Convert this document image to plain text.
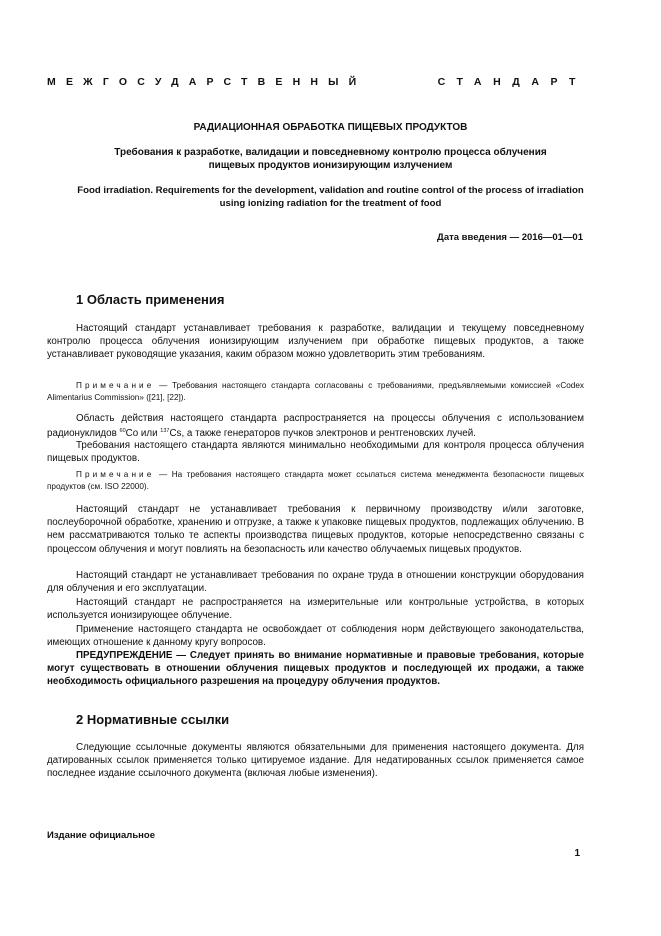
МЕЖГОСУДАРСТВЕННЫЙ	СТАНДАРТ
РАДИАЦИОННАЯ ОБРАБОТКА ПИЩЕВЫХ ПРОДУКТОВ
Требования к разработке, валидации и повседневному контролю процесса облучения
пищевых продуктов ионизирующим излучением
Food irradiation. Requirements for the development, validation and routine control of the process of irradiation
using ionizing radiation for the treatment of food
Дата введения — 2016—01—01
1 Область применения
Настоящий стандарт устанавливает требования к разработке, валидации и текущему повседневному контролю процесса облучения ионизирующим излучением при обработке пищевых продуктов, а также устанавливает руководящие указания, каким образом можно удовлетворить этим требованиям.
Примечание — Требования настоящего стандарта согласованы с требованиями, предъявляемыми комиссией «Codex Alimentarius Commission» ([21], [22]).
Область действия настоящего стандарта распространяется на процессы облучения с использованием радионуклидов $^{60}$Co или $^{137}$Cs, а также генераторов пучков электронов и рентгеновских лучей.
Требования настоящего стандарта являются минимально необходимыми для контроля процесса облучения пищевых продуктов.
Примечание — На требования настоящего стандарта может ссылаться система менеджмента безопасности пищевых продуктов (см. ISO 22000).
Настоящий стандарт не устанавливает требования к первичному производству и/или заготовке, послеуборочной обработке, хранению и отгрузке, а также к упаковке пищевых продуктов, подлежащих облучению. В нем рассматриваются только те аспекты производства пищевых продуктов, которые непосредственно связаны с процессом облучения и могут повлиять на безопасность или качество облучаемых пищевых продуктов.
Настоящий стандарт не устанавливает требования по охране труда в отношении конструкции оборудования для облучения и его эксплуатации.
Настоящий стандарт не распространяется на измерительные или контрольные устройства, в которых используется ионизирующее облучение.
Применение настоящего стандарта не освобождает от соблюдения норм действующего законодательства, имеющих отношение к данному кругу вопросов.
ПРЕДУПРЕЖДЕНИЕ — Следует принять во внимание нормативные и правовые требования, которые могут существовать в отношении облучения пищевых продуктов и последующей их продажи, а также необходимость официального разрешения на процедуру облучения продуктов.
2 Нормативные ссылки
Следующие ссылочные документы являются обязательными для применения настоящего документа. Для датированных ссылок применяется только цитируемое издание. Для недатированных ссылок применяется самое последнее издание ссылочного документа (включая любые изменения).
Издание официальное
1
